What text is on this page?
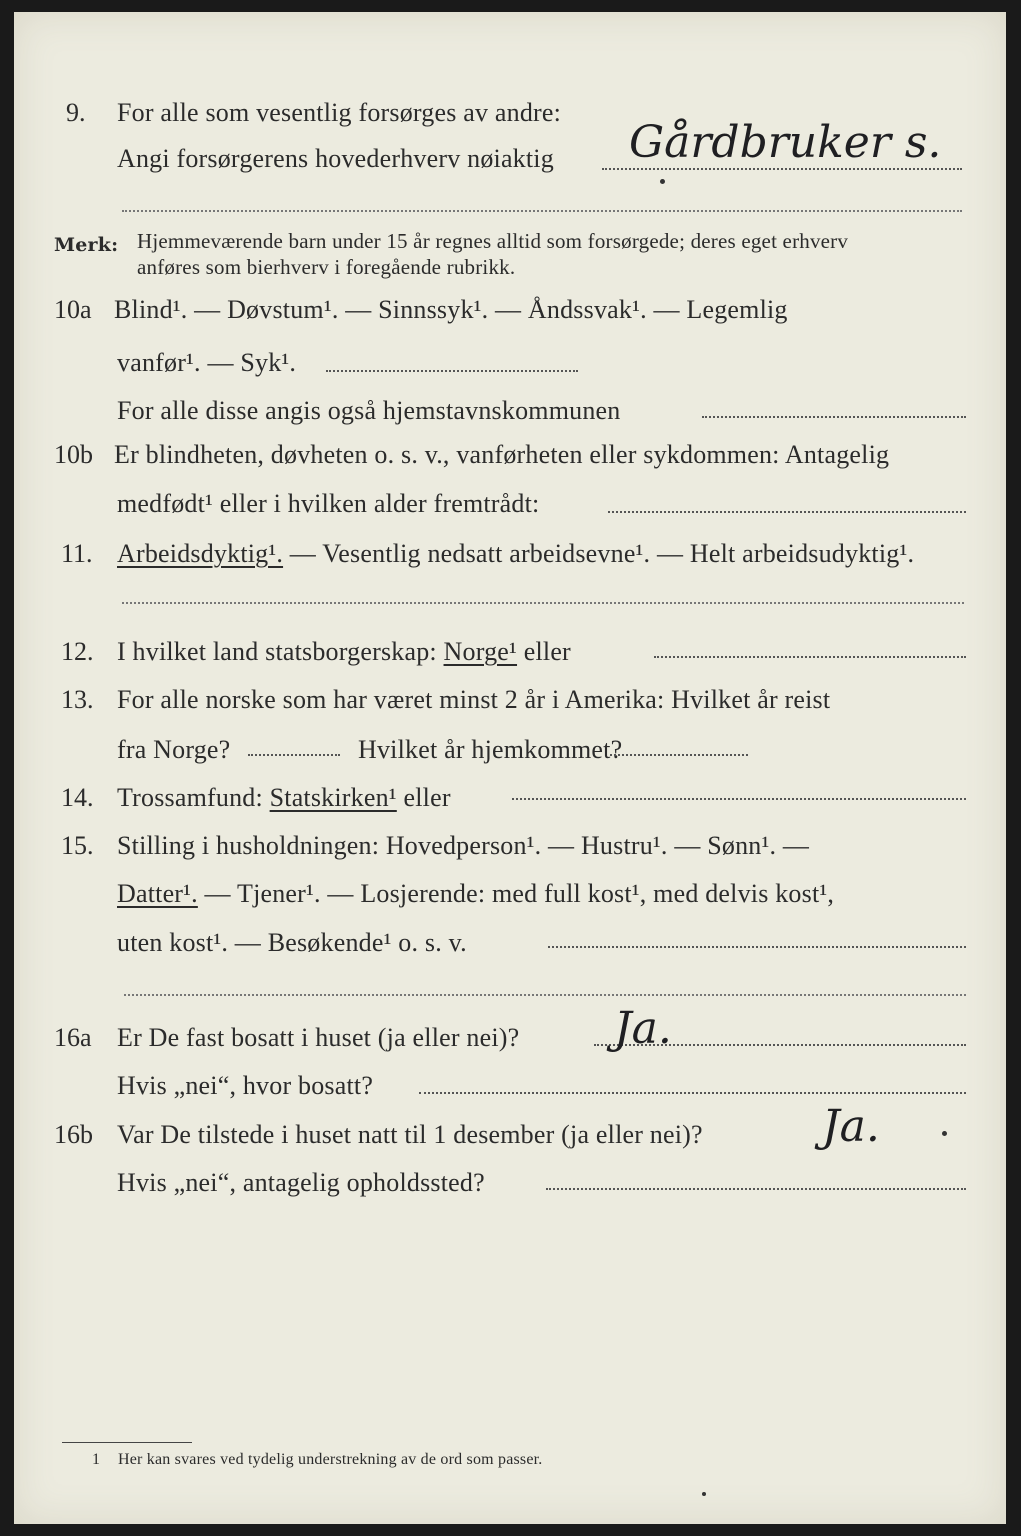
9. For alle som vesentlig forsørges av andre:
Angi forsørgerens hovederhverv nøiaktig Gårdbruker s.
Merk: Hjemmeværende barn under 15 år regnes alltid som forsørgede; deres eget erhverv
anføres som bierhverv i foregående rubrikk.
10a Blind¹. — Døvstum¹. — Sinnssyk¹. — Åndssvak¹. — Legemlig
vanfør¹. — Syk¹.
For alle disse angis også hjemstavnskommunen
10b Er blindheten, døvheten o. s. v., vanførheten eller sykdommen: Antagelig
medfødt¹ eller i hvilken alder fremtrådt:
11. Arbeidsdyktig¹. — Vesentlig nedsatt arbeidsevne¹. — Helt arbeidsudyktig¹.
12. I hvilket land statsborgerskap: Norge¹ eller
13. For alle norske som har været minst 2 år i Amerika: Hvilket år reist
fra Norge?	Hvilket år hjemkommet?
14. Trossamfund: Statskirken¹ eller
15. Stilling i husholdningen: Hovedperson¹. — Hustru¹. — Sønn¹. —
Datter¹. — Tjener¹. — Losjerende: med full kost¹, med delvis kost¹,
uten kost¹. — Besøkende¹ o. s. v.
16a Er De fast bosatt i huset (ja eller nei)? Ja.
Hvis „nei“, hvor bosatt?
16b Var De tilstede i huset natt til 1 desember (ja eller nei)?	Ja.
Hvis „nei“, antagelig opholdssted?
1 Her kan svares ved tydelig understrekning av de ord som passer.
